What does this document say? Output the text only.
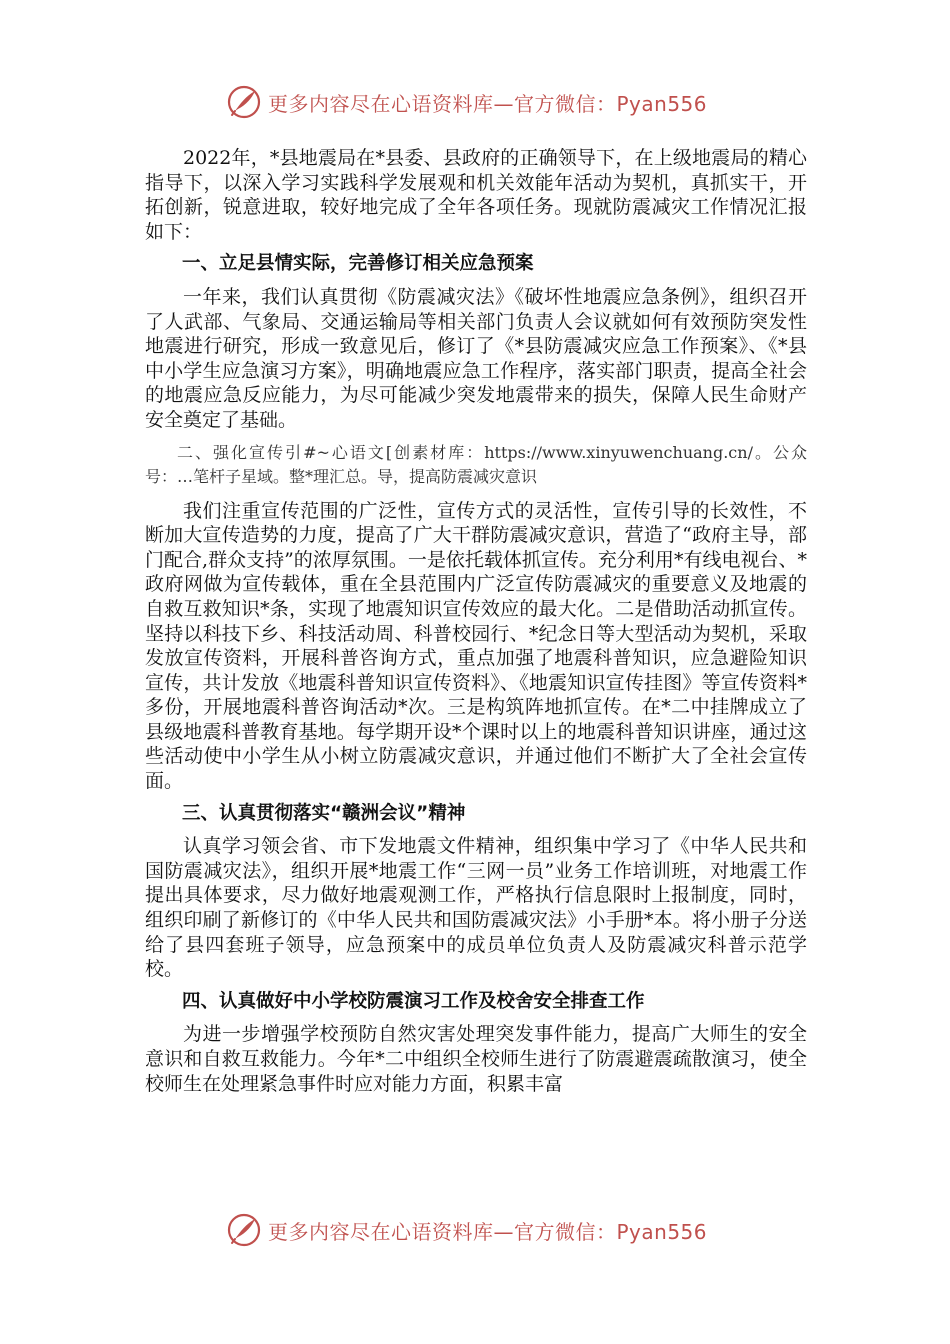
更多内容尽在心语资料库—官方微信：Pyan556

2022年，*县地震局在*县委、县政府的正确领导下，在上级地震局的精心指导下，以深入学习实践科学发展观和机关效能年活动为契机，真抓实干，开拓创新，锐意进取，较好地完成了全年各项任务。现就防震减灾工作情况汇报如下：

一、立足县情实际，完善修订相关应急预案

一年来，我们认真贯彻《防震减灾法》《破坏性地震应急条例》，组织召开了人武部、气象局、交通运输局等相关部门负责人会议就如何有效预防突发性地震进行研究，形成一致意见后，修订了《*县防震减灾应急工作预案》、《*县中小学生应急演习方案》，明确地震应急工作程序，落实部门职责，提高全社会的地震应急反应能力，为尽可能减少突发地震带来的损失，保障人民生命财产安全奠定了基础。

二、强化宣传引#~心语文[创素材库：https://www.xinyuwenchuang.cn/。公众号：…笔杆子星域。整*理汇总。导，提高防震减灾意识

我们注重宣传范围的广泛性，宣传方式的灵活性，宣传引导的长效性，不断加大宣传造势的力度，提高了广大干群防震减灾意识，营造了“政府主导，部门配合,群众支持”的浓厚氛围。一是依托载体抓宣传。充分利用*有线电视台、*政府网做为宣传载体，重在全县范围内广泛宣传防震减灾的重要意义及地震的自救互救知识*条，实现了地震知识宣传效应的最大化。二是借助活动抓宣传。坚持以科技下乡、科技活动周、科普校园行、*纪念日等大型活动为契机，采取发放宣传资料，开展科普咨询方式，重点加强了地震科普知识，应急避险知识宣传，共计发放《地震科普知识宣传资料》、《地震知识宣传挂图》等宣传资料*多份，开展地震科普咨询活动*次。三是构筑阵地抓宣传。在*二中挂牌成立了县级地震科普教育基地。每学期开设*个课时以上的地震科普知识讲座，通过这些活动使中小学生从小树立防震减灾意识，并通过他们不断扩大了全社会宣传面。

三、认真贯彻落实“赣洲会议”精神

认真学习领会省、市下发地震文件精神，组织集中学习了《中华人民共和国防震减灾法》，组织开展*地震工作“三网一员”业务工作培训班，对地震工作提出具体要求，尽力做好地震观测工作，严格执行信息限时上报制度，同时，组织印刷了新修订的《中华人民共和国防震减灾法》小手册*本。将小册子分送给了县四套班子领导，应急预案中的成员单位负责人及防震减灾科普示范学校。

四、认真做好中小学校防震演习工作及校舍安全排查工作

为进一步增强学校预防自然灾害处理突发事件能力，提高广大师生的安全意识和自救互救能力。今年*二中组织全校师生进行了防震避震疏散演习，使全校师生在处理紧急事件时应对能力方面，积累丰富

更多内容尽在心语资料库—官方微信：Pyan556
